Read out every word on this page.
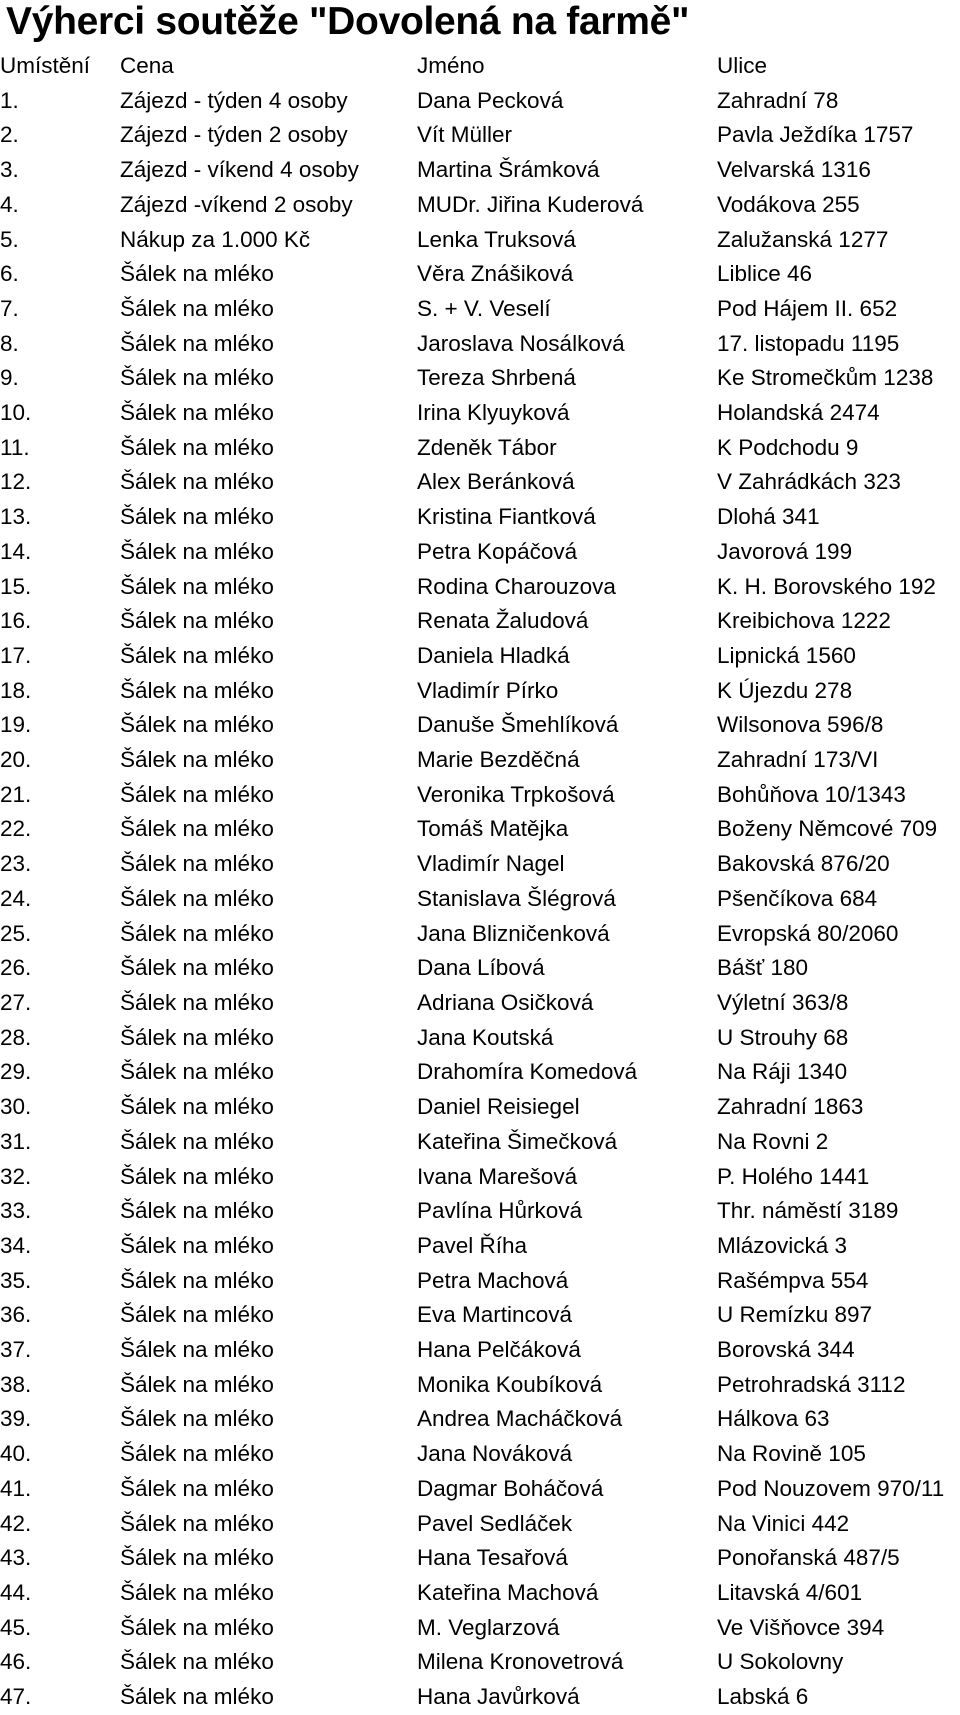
Výherci soutěže "Dovolená na farmě"
Umístění	Cena	Jméno	Ulice
1.	Zájezd - týden 4 osoby	Dana Pecková	Zahradní 78
2.	Zájezd - týden 2 osoby	Vít Müller	Pavla Ježdíka 1757
3.	Zájezd - víkend 4 osoby	Martina Šrámková	Velvarská 1316
4.	Zájezd -víkend 2 osoby	MUDr. Jiřina Kuderová	Vodákova 255
5.	Nákup za 1.000 Kč	Lenka Truksová	Zalužanská 1277
6.	Šálek na mléko	Věra Znášiková	Liblice 46
7.	Šálek na mléko	S. + V. Veselí	Pod Hájem II. 652
8.	Šálek na mléko	Jaroslava Nosálková	17. listopadu 1195
9.	Šálek na mléko	Tereza Shrbená	Ke Stromečkům 1238
10.	Šálek na mléko	Irina Klyuyková	Holandská 2474
11.	Šálek na mléko	Zdeněk Tábor	K Podchodu 9
12.	Šálek na mléko	Alex Beránková	V Zahrádkách 323
13.	Šálek na mléko	Kristina Fiantková	Dlohá 341
14.	Šálek na mléko	Petra Kopáčová	Javorová 199
15.	Šálek na mléko	Rodina Charouzova	K. H. Borovského 192
16.	Šálek na mléko	Renata Žaludová	Kreibichova 1222
17.	Šálek na mléko	Daniela Hladká	Lipnická 1560
18.	Šálek na mléko	Vladimír Pírko	K Újezdu 278
19.	Šálek na mléko	Danuše Šmehlíková	Wilsonova 596/8
20.	Šálek na mléko	Marie Bezděčná	Zahradní 173/VI
21.	Šálek na mléko	Veronika Trpkošová	Bohůňova 10/1343
22.	Šálek na mléko	Tomáš Matějka	Boženy Němcové 709
23.	Šálek na mléko	Vladimír Nagel	Bakovská 876/20
24.	Šálek na mléko	Stanislava Šlégrová	Pšenčíkova 684
25.	Šálek na mléko	Jana Blizničenková	Evropská 80/2060
26.	Šálek na mléko	Dana Líbová	Bášť 180
27.	Šálek na mléko	Adriana Osičková	Výletní 363/8
28.	Šálek na mléko	Jana Koutská	U Strouhy 68
29.	Šálek na mléko	Drahomíra Komedová	Na Ráji 1340
30.	Šálek na mléko	Daniel Reisiegel	Zahradní 1863
31.	Šálek na mléko	Kateřina Šimečková	Na Rovni 2
32.	Šálek na mléko	Ivana Marešová	P. Holého 1441
33.	Šálek na mléko	Pavlína Hůrková	Thr. náměstí 3189
34.	Šálek na mléko	Pavel Říha	Mlázovická 3
35.	Šálek na mléko	Petra Machová	Rašémpva 554
36.	Šálek na mléko	Eva Martincová	U Remízku 897
37.	Šálek na mléko	Hana Pelčáková	Borovská 344
38.	Šálek na mléko	Monika Koubíková	Petrohradská 3112
39.	Šálek na mléko	Andrea Macháčková	Hálkova 63
40.	Šálek na mléko	Jana Nováková	Na Rovině 105
41.	Šálek na mléko	Dagmar Boháčová	Pod Nouzovem 970/11
42.	Šálek na mléko	Pavel Sedláček	Na Vinici 442
43.	Šálek na mléko	Hana Tesařová	Ponořanská 487/5
44.	Šálek na mléko	Kateřina Machová	Litavská 4/601
45.	Šálek na mléko	M. Veglarzová	Ve Višňovce 394
46.	Šálek na mléko	Milena Kronovetrová	U Sokolovny
47.	Šálek na mléko	Hana Javůrková	Labská 6
